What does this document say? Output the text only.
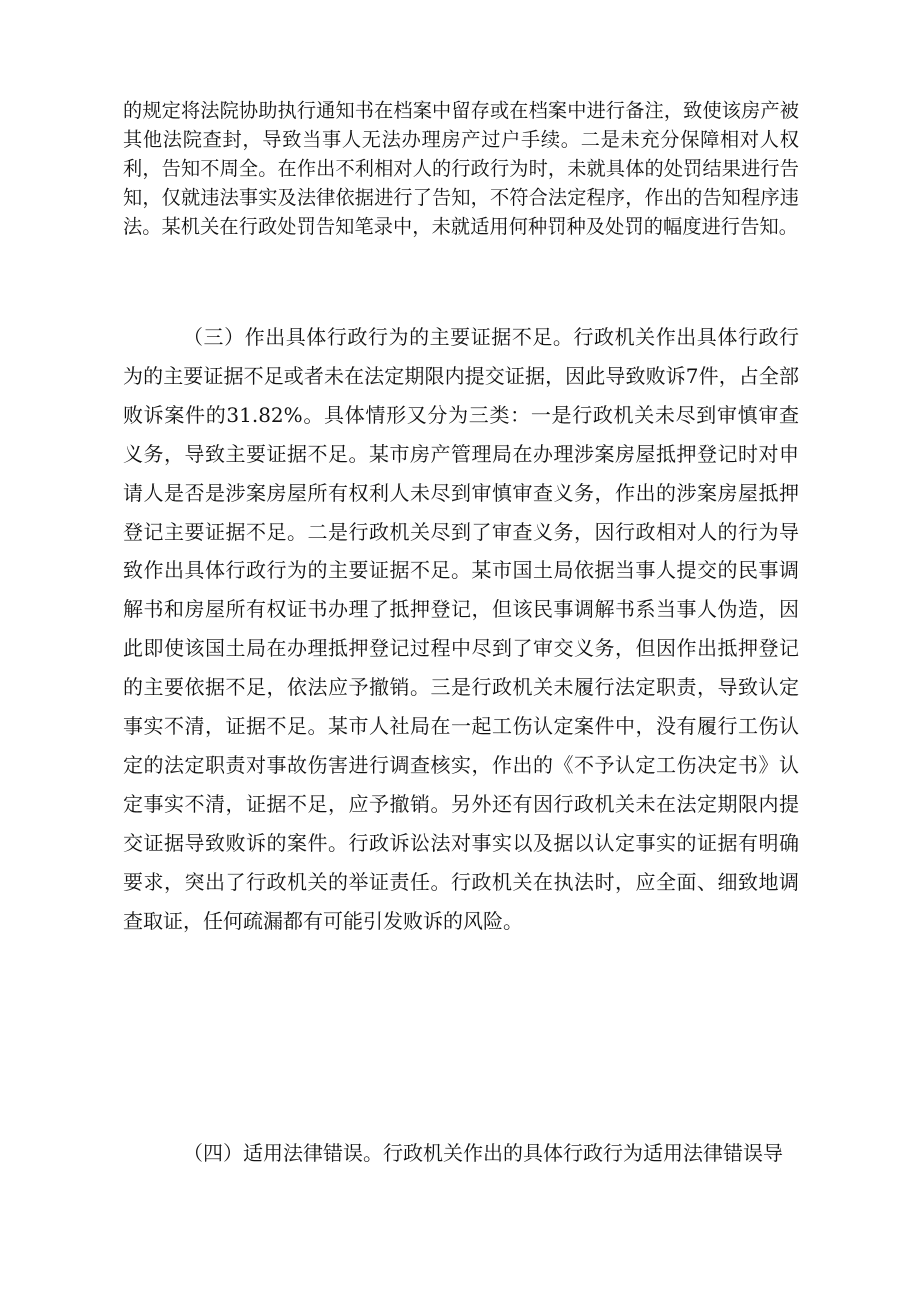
的规定将法院协助执行通知书在档案中留存或在档案中进行备注，致使该房产被其他法院查封，导致当事人无法办理房产过户手续。二是未充分保障相对人权利，告知不周全。在作出不利相对人的行政行为时，未就具体的处罚结果进行告知，仅就违法事实及法律依据进行了告知，不符合法定程序，作出的告知程序违法。某机关在行政处罚告知笔录中，未就适用何种罚种及处罚的幅度进行告知。

（三）作出具体行政行为的主要证据不足。行政机关作出具体行政行为的主要证据不足或者未在法定期限内提交证据，因此导致败诉7件，占全部败诉案件的31.82%。具体情形又分为三类：一是行政机关未尽到审慎审查义务，导致主要证据不足。某市房产管理局在办理涉案房屋抵押登记时对申请人是否是涉案房屋所有权利人未尽到审慎审查义务，作出的涉案房屋抵押登记主要证据不足。二是行政机关尽到了审查义务，因行政相对人的行为导致作出具体行政行为的主要证据不足。某市国土局依据当事人提交的民事调解书和房屋所有权证书办理了抵押登记，但该民事调解书系当事人伪造，因此即使该国土局在办理抵押登记过程中尽到了审交义务，但因作出抵押登记的主要依据不足，依法应予撤销。三是行政机关未履行法定职责，导致认定事实不清，证据不足。某市人社局在一起工伤认定案件中，没有履行工伤认定的法定职责对事故伤害进行调查核实，作出的《不予认定工伤决定书》认定事实不清，证据不足，应予撤销。另外还有因行政机关未在法定期限内提交证据导致败诉的案件。行政诉讼法对事实以及据以认定事实的证据有明确要求，突出了行政机关的举证责任。行政机关在执法时，应全面、细致地调查取证，任何疏漏都有可能引发败诉的风险。

（四）适用法律错误。行政机关作出的具体行政行为适用法律错误导
